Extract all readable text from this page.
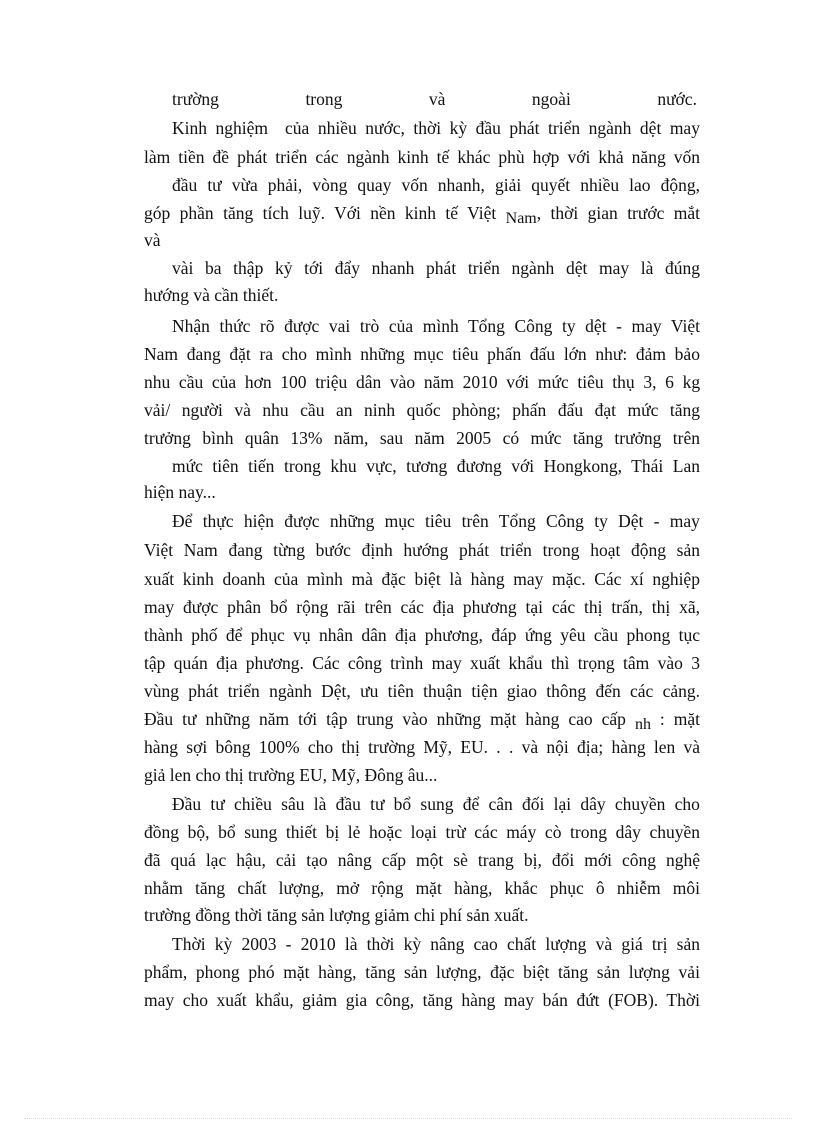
trường	trong	và	ngoài	nước.
Kinh nghiệm  của nhiều nước, thời kỳ đầu phát triển ngành dệt may
làm tiền đề phát triển các ngành kinh tế khác phù hợp với khả năng vốn
đầu tư vừa phải, vòng quay vốn nhanh, giải quyết nhiều lao động,
góp phần tăng tích luỹ. Với nền kinh tế Việt Nam, thời gian trước mắt
và
vài ba thập kỷ tới đẩy nhanh phát triển ngành dệt may là đúng
hướng và cần thiết.
Nhận thức rõ được vai trò của mình Tổng Công ty dệt - may Việt
Nam đang đặt ra cho mình những mục tiêu phấn đấu lớn như: đảm bảo
nhu cầu của hơn 100 triệu dân vào năm 2010 với mức tiêu thụ 3, 6 kg
vải/ người và nhu cầu an ninh quốc phòng; phấn đấu đạt mức tăng
trưởng bình quân 13% năm, sau năm 2005 có mức tăng trưởng trên
mức tiên tiến trong khu vực, tương đương với Hongkong, Thái Lan
hiện nay...
Để thực hiện được những mục tiêu trên Tổng Công ty Dệt - may
Việt Nam đang từng bước định hướng phát triển trong hoạt động sản
xuất kinh doanh của mình mà đặc biệt là hàng may mặc. Các xí nghiệp
may được phân bổ rộng rãi trên các địa phương tại các thị trấn, thị xã,
thành phố để phục vụ nhân dân địa phương, đáp ứng yêu cầu phong tục
tập quán địa phương. Các công trình may xuất khẩu thì trọng tâm vào 3
vùng phát triển ngành Dệt, ưu tiên thuận tiện giao thông đến các cảng.
Đầu tư những năm tới tập trung vào những mặt hàng cao cấp nh : mặt
hàng sợi bông 100% cho thị trường Mỹ, EU. . . và nội địa; hàng len và
giả len cho thị trường EU, Mỹ, Đông âu...
Đầu tư chiều sâu là đầu tư bổ sung để cân đối lại dây chuyền cho
đồng bộ, bổ sung thiết bị lẻ hoặc loại trừ các máy cò trong dây chuyền
đã quá lạc hậu, cải tạo nâng cấp một sè trang bị, đổi mới công nghệ
nhằm tăng chất lượng, mở rộng mặt hàng, khắc phục ô nhiễm môi
trường đồng thời tăng sản lượng giảm chi phí sản xuất.
Thời kỳ 2003 - 2010 là thời kỳ nâng cao chất lượng và giá trị sản
phẩm, phong phó mặt hàng, tăng sản lượng, đặc biệt tăng sản lượng vải
may cho xuất khẩu, giảm gia công, tăng hàng may bán đứt (FOB). Thời
